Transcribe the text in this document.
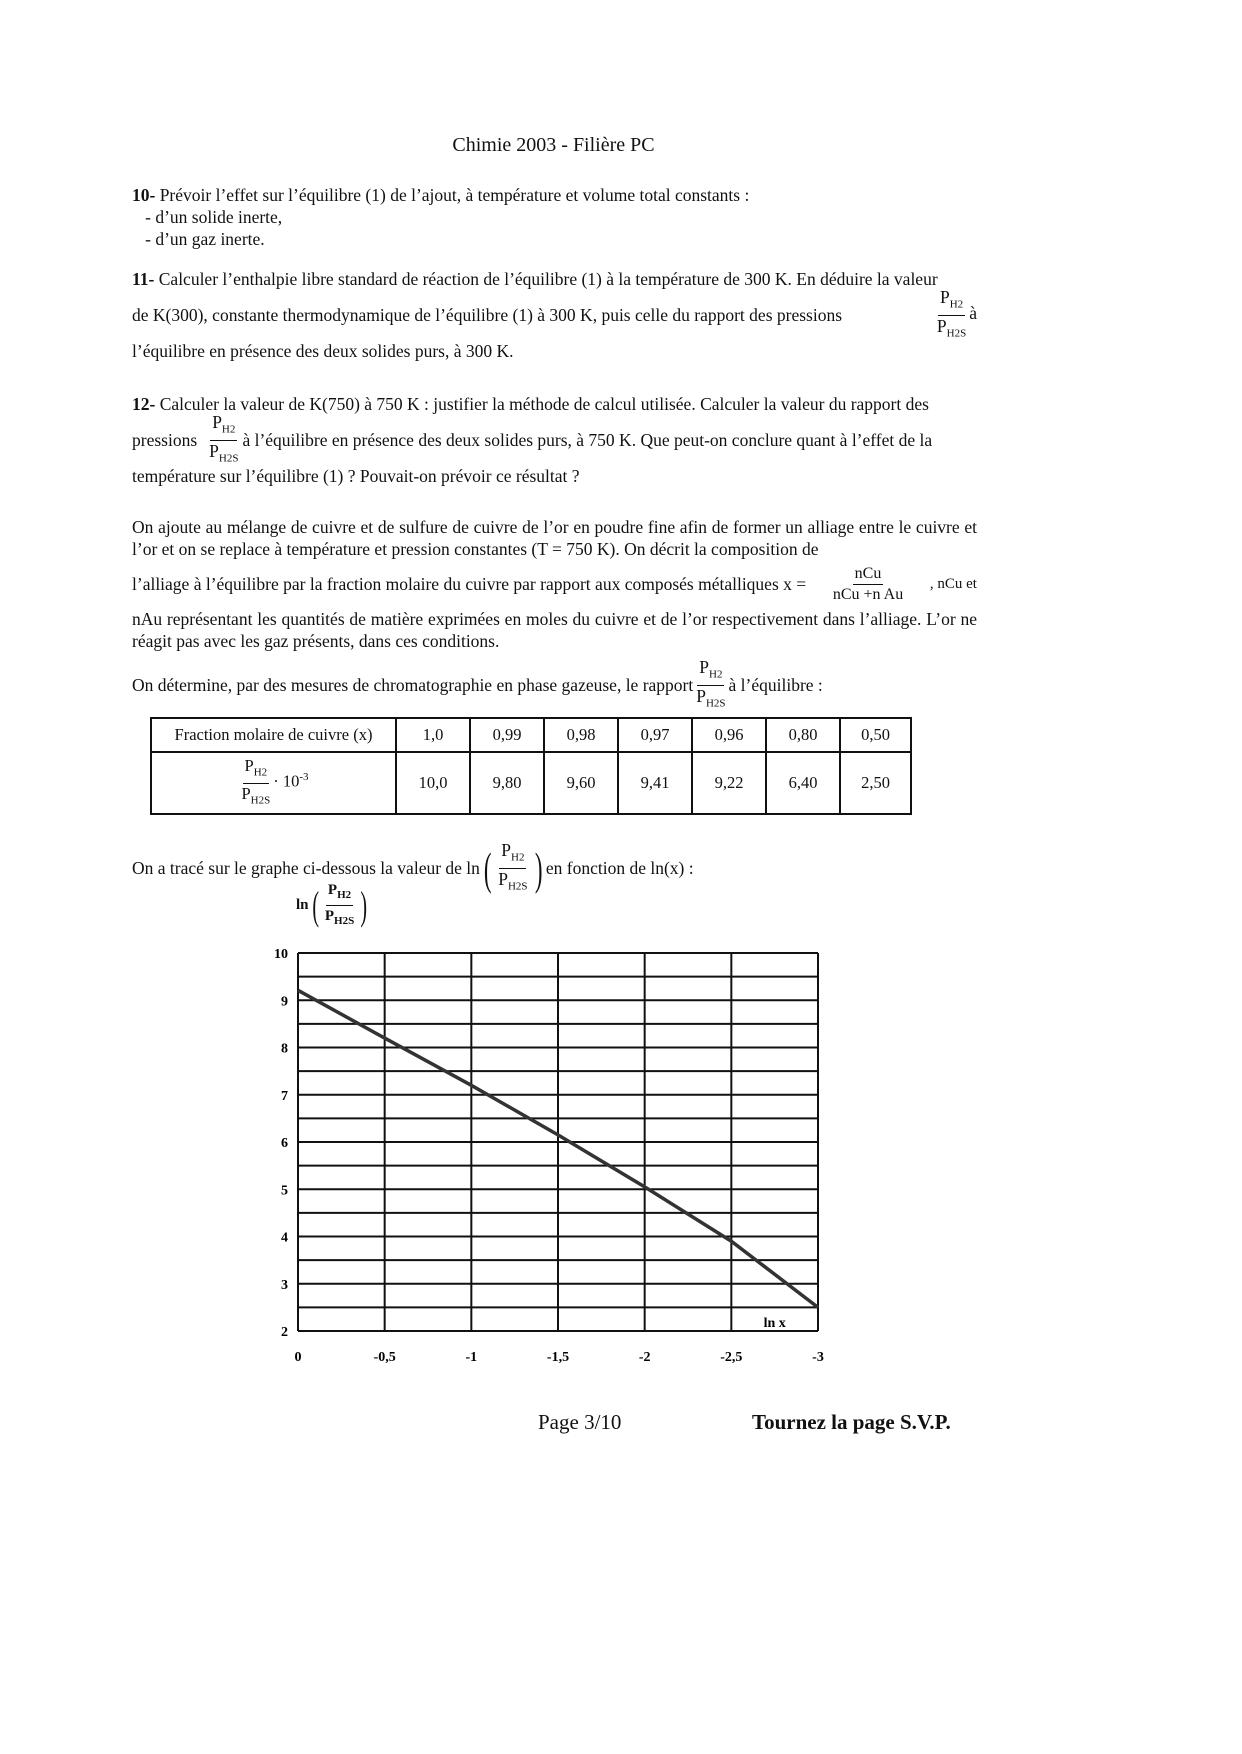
Chimie 2003 - Filière PC
10- Prévoir l’effet sur l’équilibre (1) de l’ajout, à température et volume total constants :
- d’un solide inerte,
- d’un gaz inerte.
11- Calculer l’enthalpie libre standard de réaction de l’équilibre (1) à la température de 300 K. En déduire la valeur
de K(300), constante thermodynamique de l’équilibre (1) à 300 K, puis celle du rapport des pressions	$\frac{P_{H2}}{P_{H2S}}$ à
l’équilibre en présence des deux solides purs, à 300 K.
12- Calculer la valeur de K(750) à 750 K : justifier la méthode de calcul utilisée. Calculer la valeur du rapport des
pressions $\frac{P_{H2}}{P_{H2S}}$ à l’équilibre en présence des deux solides purs, à 750 K. Que peut-on conclure quant à l’effet de la
température sur l’équilibre (1) ? Pouvait-on prévoir ce résultat ?
On ajoute au mélange de cuivre et de sulfure de cuivre de l’or en poudre fine afin de former un alliage entre le cuivre et l’or et on se replace à température et pression constantes (T = 750 K). On décrit la composition de
l’alliage à l’équilibre par la fraction molaire du cuivre par rapport aux composés métalliques $x = \frac{\text{nCu}}{\text{nCu +n Au}}$ , nCu et
nAu représentant les quantités de matière exprimées en moles du cuivre et de l’or respectivement dans l’alliage. L’or ne réagit pas avec les gaz présents, dans ces conditions.
On détermine, par des mesures de chromatographie en phase gazeuse, le rapport $\frac{P_{H2}}{P_{H2S}}$ à l’équilibre :
Fraction molaire de cuivre (x)	1,0	0,99	0,98	0,97	0,96	0,80	0,50

$\frac{P_{H2}}{P_{H2S}} \cdot 10^{-3}$	10,0	9,80	9,60	9,41	9,22	6,40	2,50
On a tracé sur le graphe ci-dessous la valeur de ln ( $\frac{P_{H2}}{P_{H2S}}$ ) en fonction de ln(x) :
ln ( $\frac{P_{H2}}{P_{H2S}}$ )
2
3
4
5
6
7
8
9
10
0	-0,5	-1	-1,5	-2	-2,5	-3
ln x
Page 3/10	Tournez la page S.V.P.
